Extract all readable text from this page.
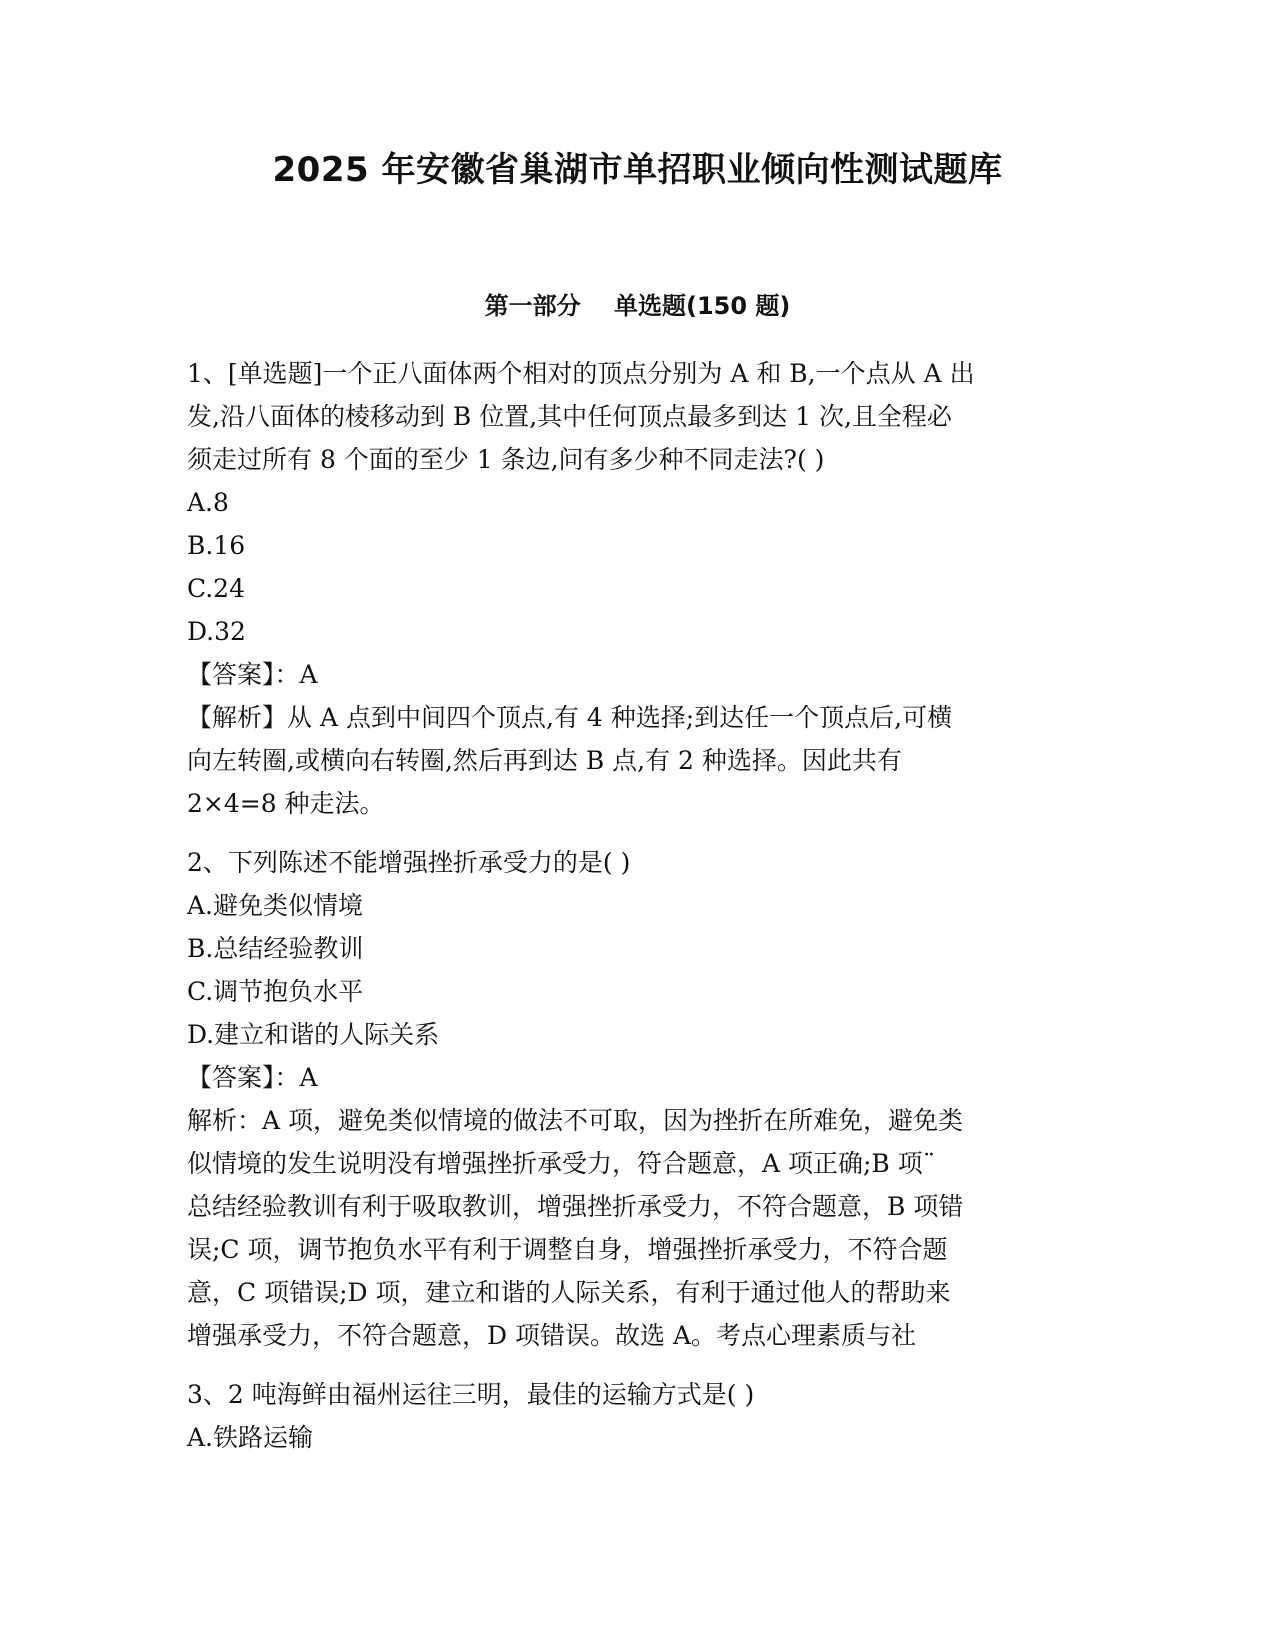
2025 年安徽省巢湖市单招职业倾向性测试题库
第一部分    单选题(150 题)
1、[单选题]一个正八面体两个相对的顶点分别为 A 和 B,一个点从 A 出
发,沿八面体的棱移动到 B 位置,其中任何顶点最多到达 1 次,且全程必
须走过所有 8 个面的至少 1 条边,问有多少种不同走法?( )
A.8
B.16
C.24
D.32
【答案】：A
【解析】从 A 点到中间四个顶点,有 4 种选择;到达任一个顶点后,可横
向左转圈,或横向右转圈,然后再到达 B 点,有 2 种选择。因此共有
2×4=8 种走法。
2、下列陈述不能增强挫折承受力的是( )
A.避免类似情境
B.总结经验教训
C.调节抱负水平
D.建立和谐的人际关系
【答案】：A
解析：A 项，避免类似情境的做法不可取，因为挫折在所难免，避免类
似情境的发生说明没有增强挫折承受力，符合题意，A 项正确;B 项¨
总结经验教训有利于吸取教训，增强挫折承受力，不符合题意，B 项错
误;C 项，调节抱负水平有利于调整自身，增强挫折承受力，不符合题
意，C 项错误;D 项，建立和谐的人际关系，有利于通过他人的帮助来
增强承受力，不符合题意，D 项错误。故选 A。考点心理素质与社
3、2 吨海鲜由福州运往三明，最佳的运输方式是( )
A.铁路运输
